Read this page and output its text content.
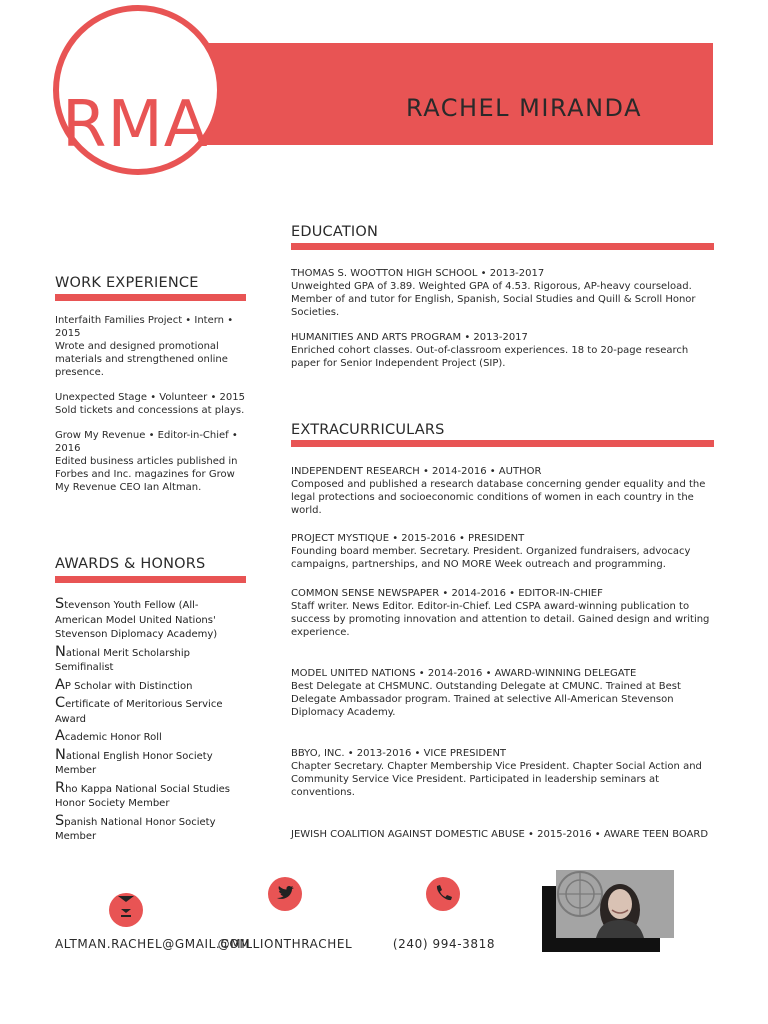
RACHEL MIRANDA
RMA
WORK EXPERIENCE
Interfaith Families Project • Intern • 2015
Wrote and designed promotional materials and strengthened online presence.
Unexpected Stage • Volunteer • 2015
Sold tickets and concessions at plays.
Grow My Revenue • Editor-in-Chief • 2016
Edited business articles published in Forbes and Inc. magazines for Grow My Revenue CEO Ian Altman.
AWARDS & HONORS
Stevenson Youth Fellow (All-American Model United Nations' Stevenson Diplomacy Academy)
National Merit Scholarship Semifinalist
AP Scholar with Distinction
Certificate of Meritorious Service Award
Academic Honor Roll
National English Honor Society Member
Rho Kappa National Social Studies Honor Society Member
Spanish National Honor Society Member
EDUCATION
THOMAS S. WOOTTON HIGH SCHOOL • 2013-2017
Unweighted GPA of 3.89. Weighted GPA of 4.53. Rigorous, AP-heavy courseload. Member of and tutor for English, Spanish, Social Studies and Quill & Scroll Honor Societies.
HUMANITIES AND ARTS PROGRAM • 2013-2017
Enriched cohort classes. Out-of-classroom experiences. 18 to 20-page research paper for Senior Independent Project (SIP).
EXTRACURRICULARS
INDEPENDENT RESEARCH • 2014-2016 • AUTHOR
Composed and published a research database concerning gender equality and the legal protections and socioeconomic conditions of women in each country in the world.
PROJECT MYSTIQUE • 2015-2016 • PRESIDENT
Founding board member. Secretary. President. Organized fundraisers, advocacy campaigns, partnerships, and NO MORE Week outreach and programming.
COMMON SENSE NEWSPAPER • 2014-2016 • EDITOR-IN-CHIEF
Staff writer. News Editor. Editor-in-Chief. Led CSPA award-winning publication to success by promoting innovation and attention to detail. Gained design and writing experience.
MODEL UNITED NATIONS • 2014-2016 • AWARD-WINNING DELEGATE
Best Delegate at CHSMUNC. Outstanding Delegate at CMUNC. Trained at Best Delegate Ambassador program. Trained at selective All-American Stevenson Diplomacy Academy.
BBYO, INC. • 2013-2016 • VICE PRESIDENT
Chapter Secretary. Chapter Membership Vice President. Chapter Social Action and Community Service Vice President. Participated in leadership seminars at conventions.
JEWISH COALITION AGAINST DOMESTIC ABUSE • 2015-2016 • AWARE TEEN BOARD
ALTMAN.RACHEL@GMAIL.COM
@MILLIONTHRACHEL	(240) 994-3818
